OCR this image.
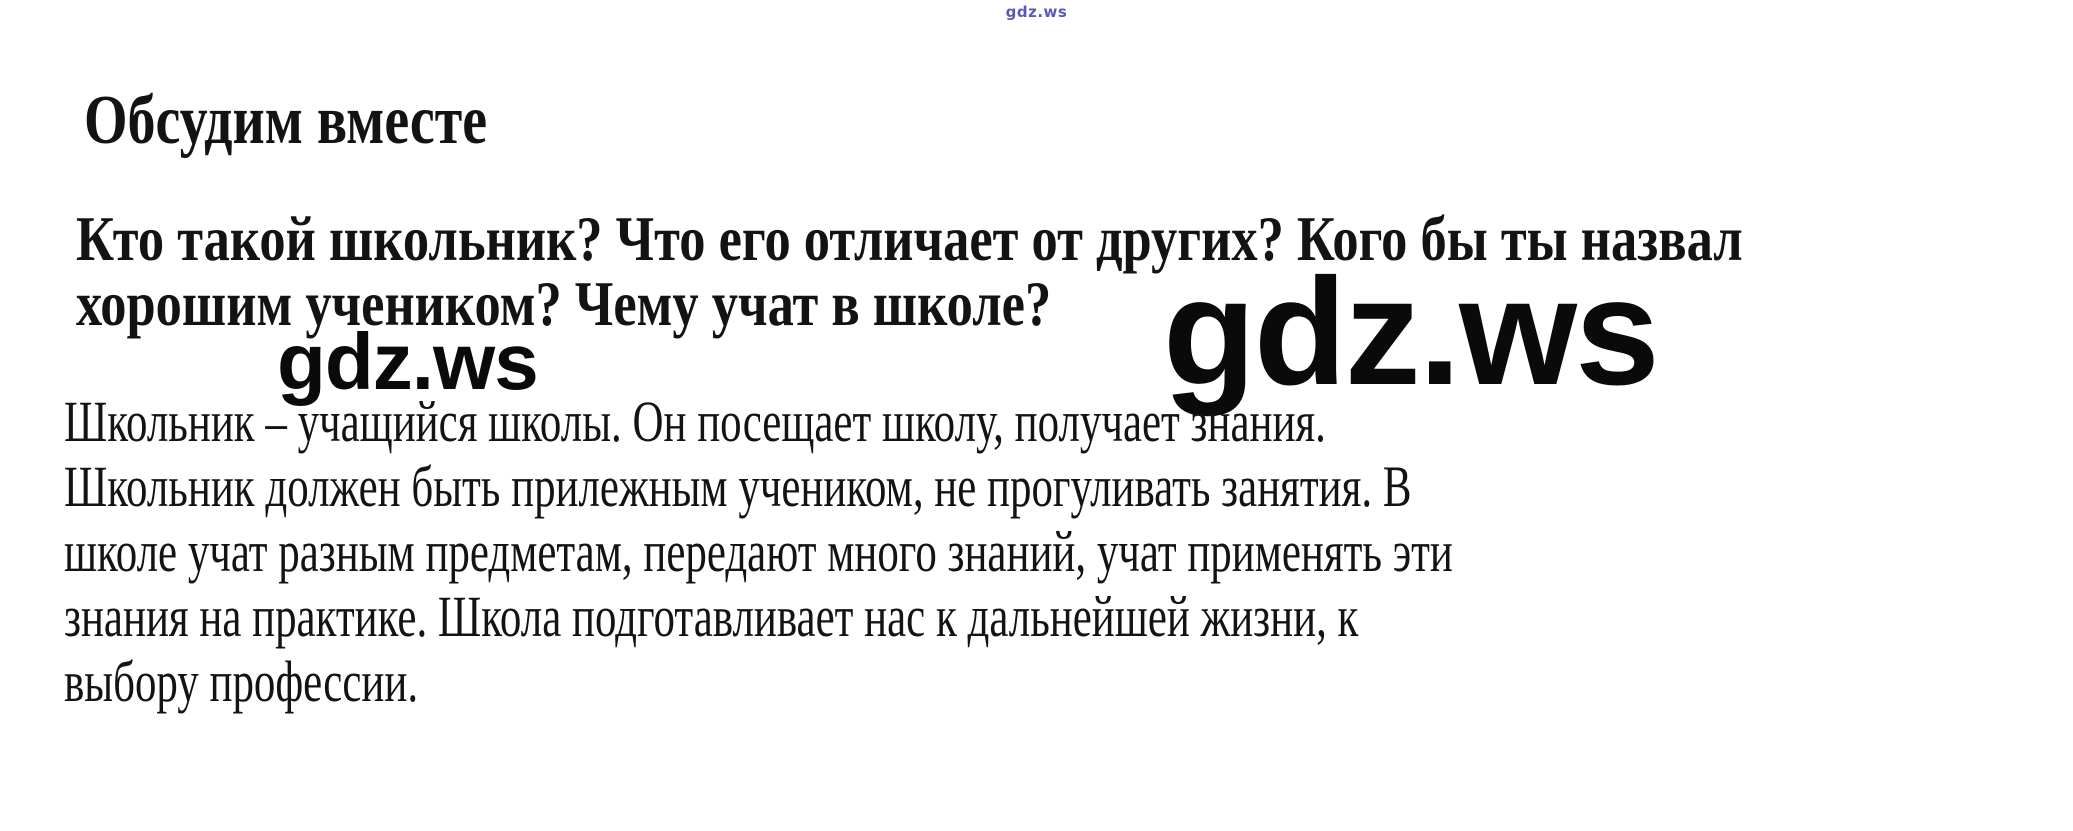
gdz.ws
Обсудим вместе
Кто такой школьник? Что его отличает от других? Кого бы ты назвал
хорошим учеником? Чему учат в школе?
gdz.ws	gdz.ws
Школьник – учащийся школы. Он посещает школу, получает знания.
Школьник должен быть прилежным учеником, не прогуливать занятия. В
школе учат разным предметам, передают много знаний, учат применять эти
знания на практике. Школа подготавливает нас к дальнейшей жизни, к
выбору профессии.
